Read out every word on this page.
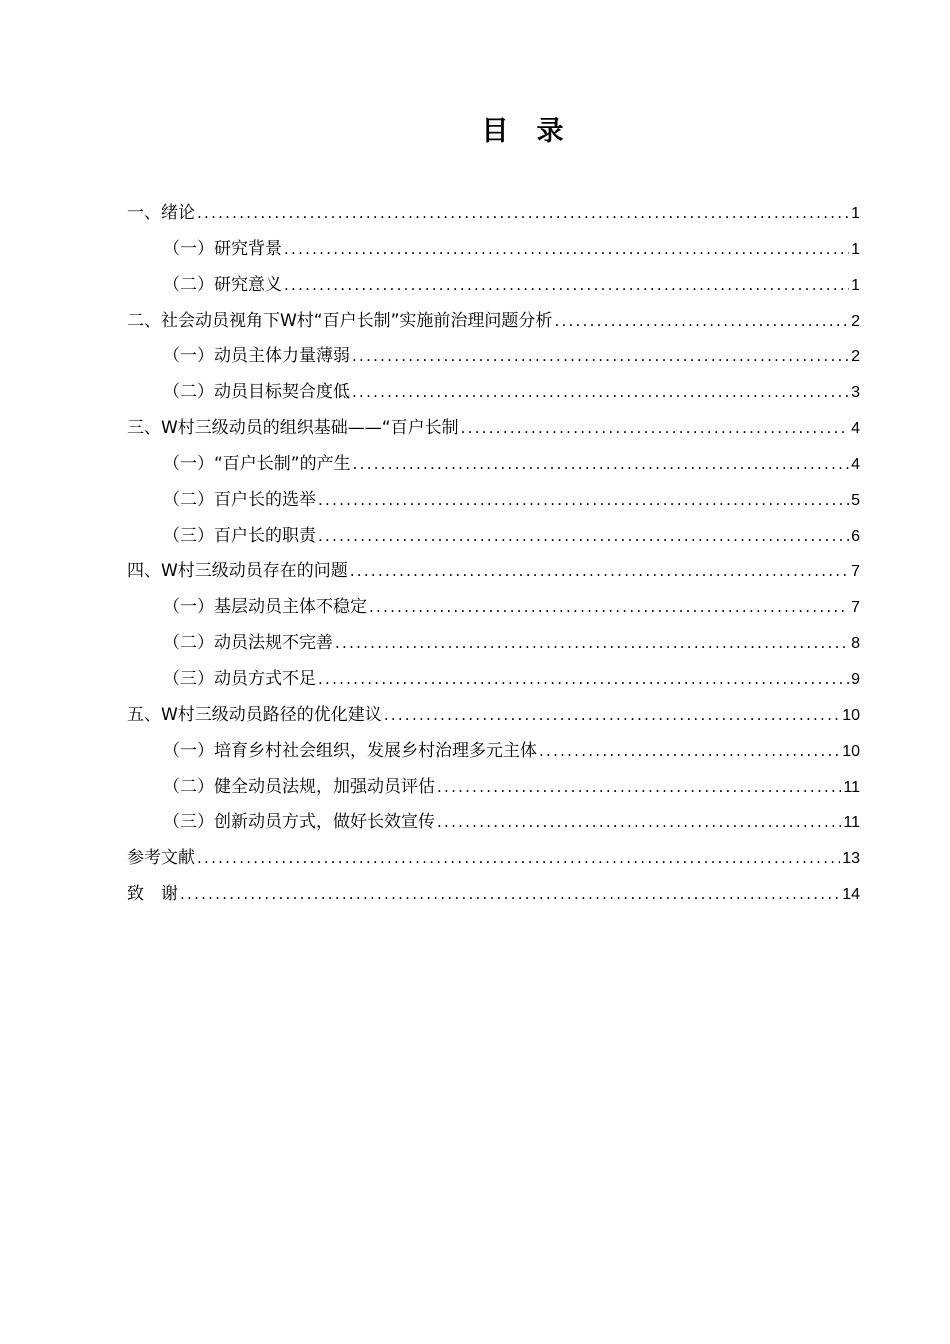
目 录
一、绪论 . . .	1
（一）研究背景 . . .	1
（二）研究意义 . . .	1
二、社会动员视角下W村“百户长制”实施前治理问题分析 . . .	2
（一）动员主体力量薄弱 . . .	2
（二）动员目标契合度低 . . .	3
三、W村三级动员的组织基础——“百户长制 . . .	4
（一）“百户长制”的产生 . . .	4
（二）百户长的选举 . . .	5
（三）百户长的职责 . . .	6
四、W村三级动员存在的问题 . . .	7
（一）基层动员主体不稳定 . . .	7
（二）动员法规不完善 . . .	8
（三）动员方式不足 . . .	9
五、W村三级动员路径的优化建议 . . .	10
（一）培育乡村社会组织，发展乡村治理多元主体 . . .	10
（二）健全动员法规，加强动员评估 . . .	11
（三）创新动员方式，做好长效宣传 . . .	11
参考文献 . . .	13
致　谢 . . .	14
